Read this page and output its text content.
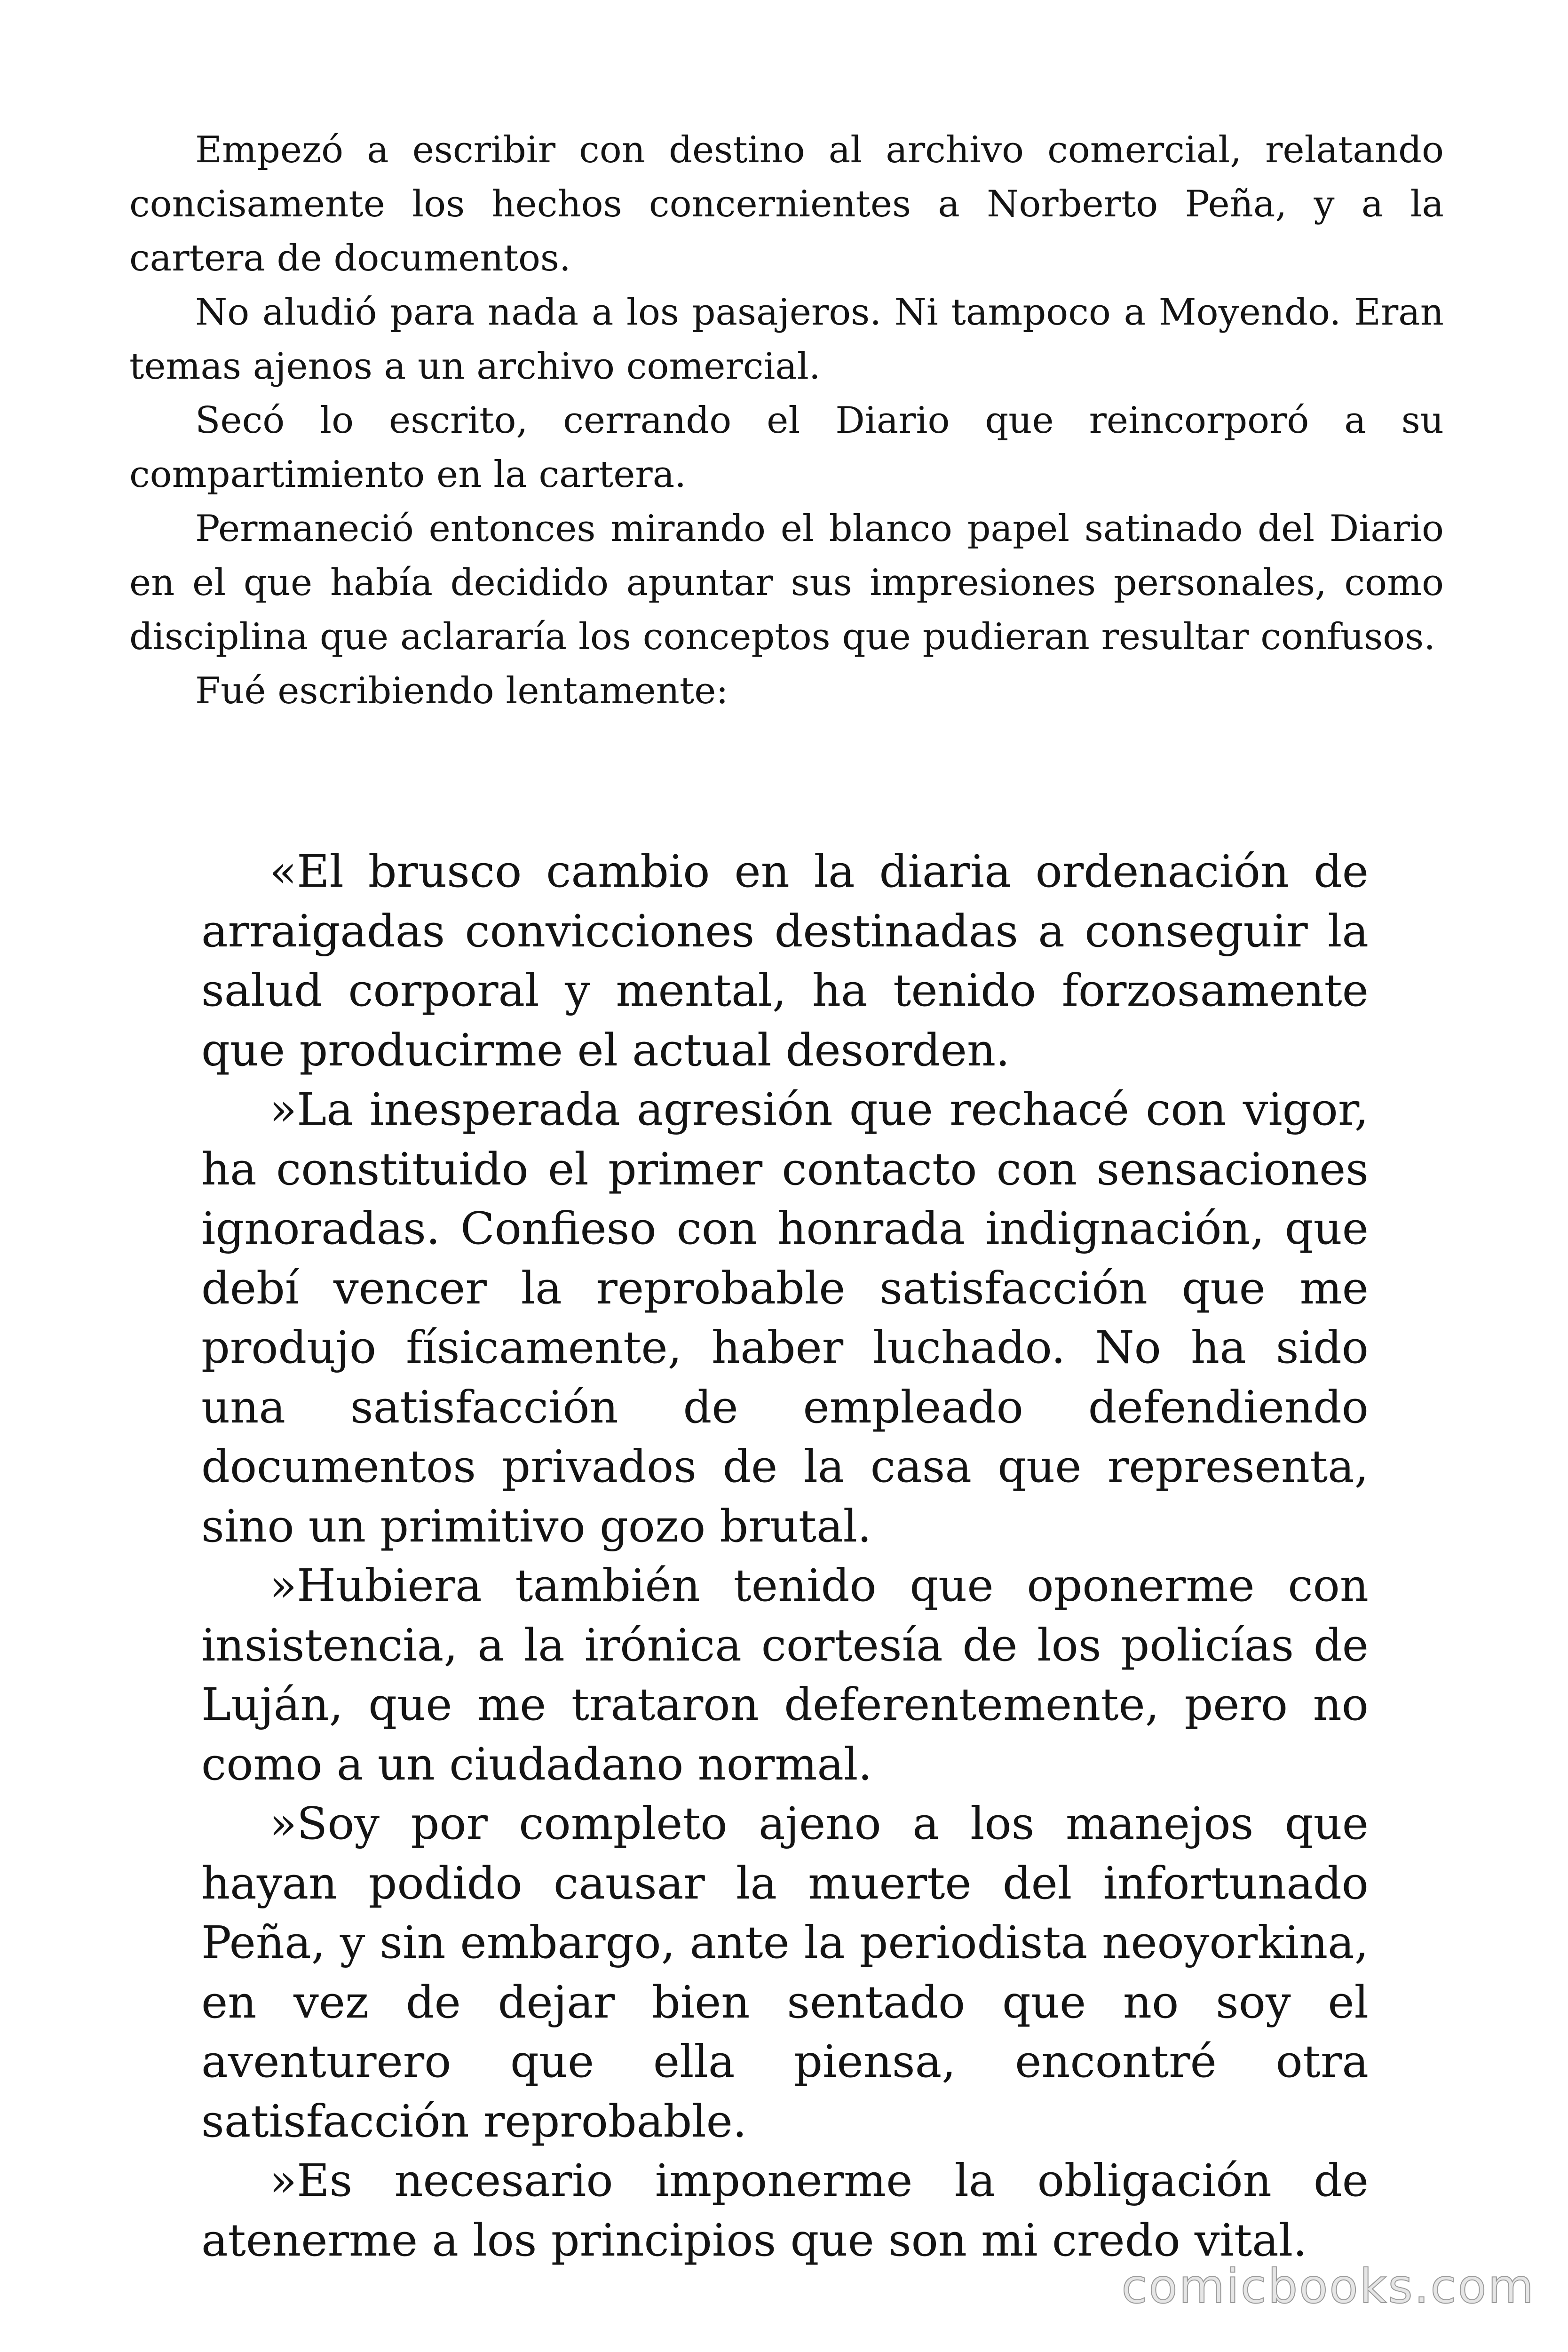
Empezó a escribir con destino al archivo comercial, relatando concisamente los hechos concernientes a Norberto Peña, y a la cartera de documentos.

No aludió para nada a los pasajeros. Ni tampoco a Moyendo. Eran temas ajenos a un archivo comercial.

Secó lo escrito, cerrando el Diario que reincorporó a su compartimiento en la cartera.

Permaneció entonces mirando el blanco papel satinado del Diario en el que había decidido apuntar sus impresiones personales, como disciplina que aclararía los conceptos que pudieran resultar confusos.

Fué escribiendo lentamente:

«El brusco cambio en la diaria ordenación de arraigadas convicciones destinadas a conseguir la salud corporal y mental, ha tenido forzosamente que producirme el actual desorden.

»La inesperada agresión que rechacé con vigor, ha constituido el primer contacto con sensaciones ignoradas. Confieso con honrada indignación, que debí vencer la reprobable satisfacción que me produjo físicamente, haber luchado. No ha sido una satisfacción de empleado defendiendo documentos privados de la casa que representa, sino un primitivo gozo brutal.

»Hubiera también tenido que oponerme con insistencia, a la irónica cortesía de los policías de Luján, que me trataron deferentemente, pero no como a un ciudadano normal.

»Soy por completo ajeno a los manejos que hayan podido causar la muerte del infortunado Peña, y sin embargo, ante la periodista neoyorkina, en vez de dejar bien sentado que no soy el aventurero que ella piensa, encontré otra satisfacción reprobable.

»Es necesario imponerme la obligación de atenerme a los principios que son mi credo vital.

comicbooks.com
